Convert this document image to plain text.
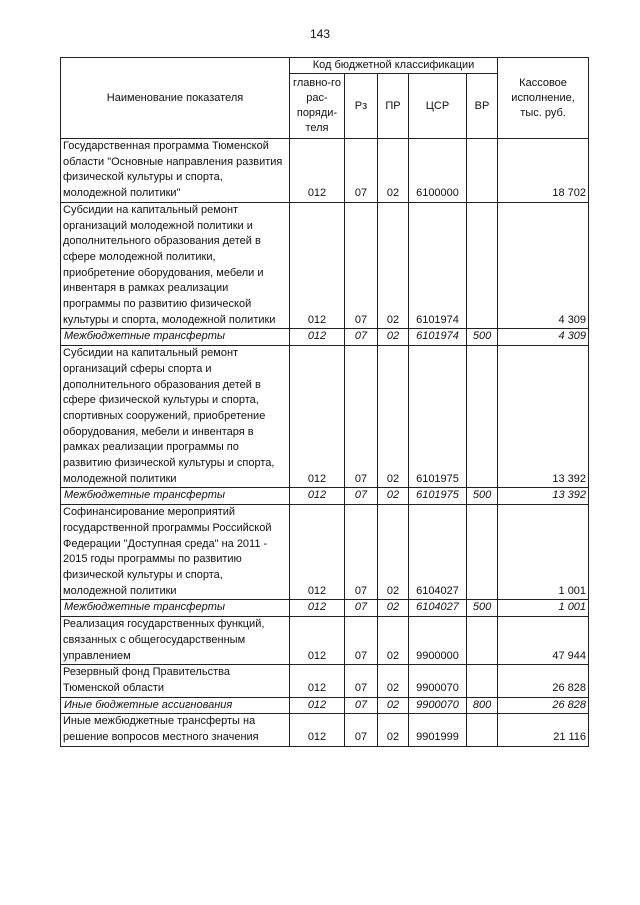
143
Наименование показателя	Код бюджетной классификации					Кассовое исполнение, тыс. руб.
	главно-го рас-поряди-теля	Рз	ПР	ЦСР	ВР	
Государственная программа Тюменской области "Основные направления развития физической культуры и спорта, молодежной политики"	012	07	02	6100000		18 702
Субсидии на капитальный ремонт организаций молодежной политики и дополнительного образования детей в сфере молодежной политики, приобретение оборудования, мебели и инвентаря в рамках реализации программы по развитию физической культуры и спорта, молодежной политики	012	07	02	6101974		4 309
Межбюджетные трансферты	012	07	02	6101974	500	4 309
Субсидии на капитальный ремонт организаций сферы спорта и дополнительного образования детей в сфере физической культуры и спорта, спортивных сооружений, приобретение оборудования, мебели и инвентаря в рамках реализации программы по развитию физической культуры и спорта, молодежной политики	012	07	02	6101975		13 392
Межбюджетные трансферты	012	07	02	6101975	500	13 392
Софинансирование мероприятий государственной программы Российской Федерации "Доступная среда" на 2011 - 2015 годы программы по развитию физической культуры и спорта, молодежной политики	012	07	02	6104027		1 001
Межбюджетные трансферты	012	07	02	6104027	500	1 001
Реализация государственных функций, связанных с общегосударственным управлением	012	07	02	9900000		47 944
Резервный фонд Правительства Тюменской области	012	07	02	9900070		26 828
Иные бюджетные ассигнования	012	07	02	9900070	800	26 828
Иные межбюджетные трансферты на решение вопросов местного значения	012	07	02	9901999		21 116
